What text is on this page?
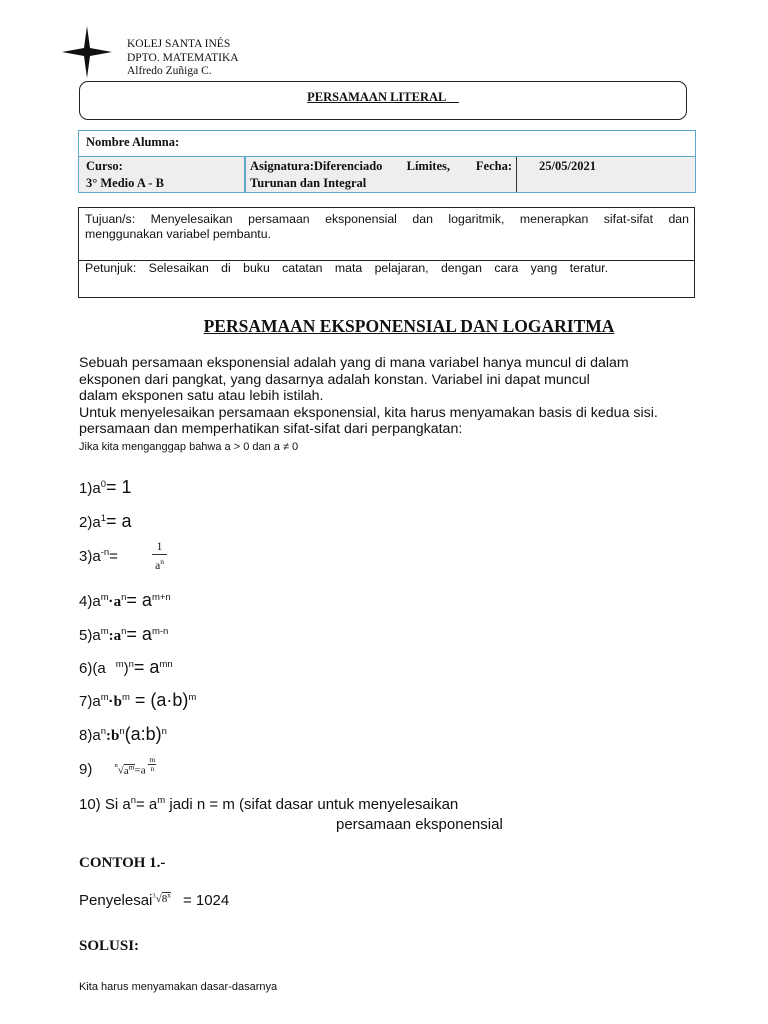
KOLEJ SANTA INÉS
DPTO. MATEMATIKA
Alfredo Zuñiga C.
PERSAMAAN LITERAL
Nombre Alumna:
Curso:
3° Medio A - B
Asignatura:Diferenciado Límites, Fecha:
Turunan dan Integral
25/05/2021
Tujuan/s: Menyelesaikan persamaan eksponensial dan logaritmik, menerapkan sifat-sifat dan
menggunakan variabel pembantu.
Petunjuk: Selesaikan di buku catatan mata pelajaran, dengan cara yang teratur.
PERSAMAAN EKSPONENSIAL DAN LOGARITMA
Sebuah persamaan eksponensial adalah yang di mana variabel hanya muncul di dalam
eksponen dari pangkat, yang dasarnya adalah konstan. Variabel ini dapat muncul
dalam eksponen satu atau lebih istilah.
Untuk menyelesaikan persamaan eksponensial, kita harus menyamakan basis di kedua sisi.
persamaan dan memperhatikan sifat-sifat dari perpangkatan:
Jika kita menganggap bahwa a > 0 dan a ≠ 0
$1)a^0= 1$
$2)a^1= a$
$3)a^{-n}=$	$\frac{1}{a^n}$
$4)a^m\cdot a^n= a^{m+n}$
$5)a^m:a^n= a^{m-n}$
6)(a $^m)^n= a^{mn}$
$7)a^m\cdot b^m = (a\cdot b)^m$
$8)a^n:b^n(a:b)^n$
9)	$^n√a^m=a \frac{m}{n}$
10) Si $a^n= a^m$ jadi n = m (sifat dasar untuk menyelesaikan
persamaan eksponensial
CONTOH 1.-
Penyelesai$^{^3√8^x}$ = 1024
SOLUSI:
Kita harus menyamakan dasar-dasarnya
